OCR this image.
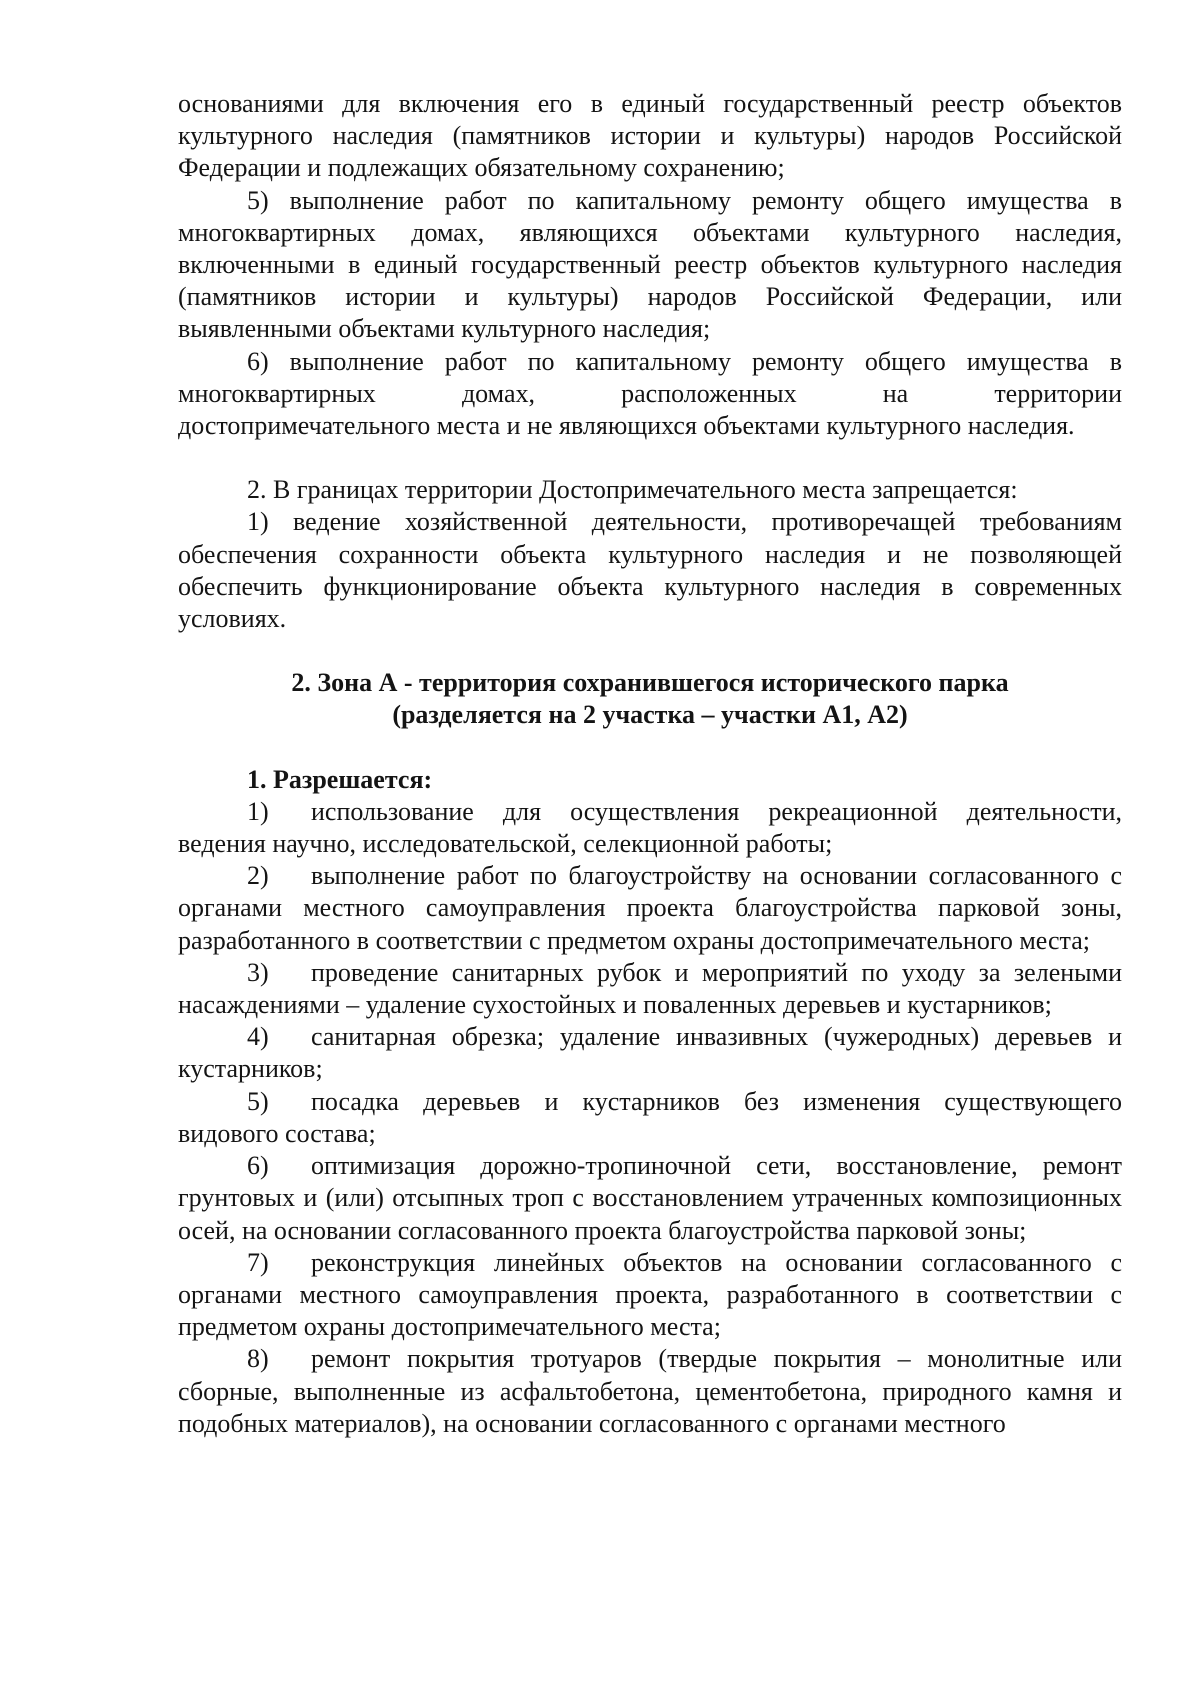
основаниями для включения его в единый государственный реестр объектов культурного наследия (памятников истории и культуры) народов Российской Федерации и подлежащих обязательному сохранению;

5) выполнение работ по капитальному ремонту общего имущества в многоквартирных домах, являющихся объектами культурного наследия, включенными в единый государственный реестр объектов культурного наследия (памятников истории и культуры) народов Российской Федерации, или выявленными объектами культурного наследия;

6) выполнение работ по капитальному ремонту общего имущества в многоквартирных домах, расположенных на территории

достопримечательного места и не являющихся объектами культурного наследия.

2. В границах территории Достопримечательного места запрещается:

1) ведение хозяйственной деятельности, противоречащей требованиям обеспечения сохранности объекта культурного наследия и не позволяющей обеспечить функционирование объекта культурного наследия в современных условиях.

2. Зона А - территория сохранившегося исторического парка

(разделяется на 2 участка – участки А1, А2)

1. Разрешается:

1) использование для осуществления рекреационной деятельности, ведения научно, исследовательской, селекционной работы;

2) выполнение работ по благоустройству на основании согласованного с органами местного самоуправления проекта благоустройства парковой зоны, разработанного в соответствии с предметом охраны достопримечательного места;

3) проведение санитарных рубок и мероприятий по уходу за зелеными насаждениями – удаление сухостойных и поваленных деревьев и кустарников;

4) санитарная обрезка; удаление инвазивных (чужеродных) деревьев и кустарников;

5) посадка деревьев и кустарников без изменения существующего видового состава;

6) оптимизация дорожно-тропиночной сети, восстановление, ремонт грунтовых и (или) отсыпных троп с восстановлением утраченных композиционных осей, на основании согласованного проекта благоустройства парковой зоны;

7) реконструкция линейных объектов на основании согласованного с органами местного самоуправления проекта, разработанного в соответствии с предметом охраны достопримечательного места;

8) ремонт покрытия тротуаров (твердые покрытия – монолитные или сборные, выполненные из асфальтобетона, цементобетона, природного камня и подобных материалов), на основании согласованного с органами местного
